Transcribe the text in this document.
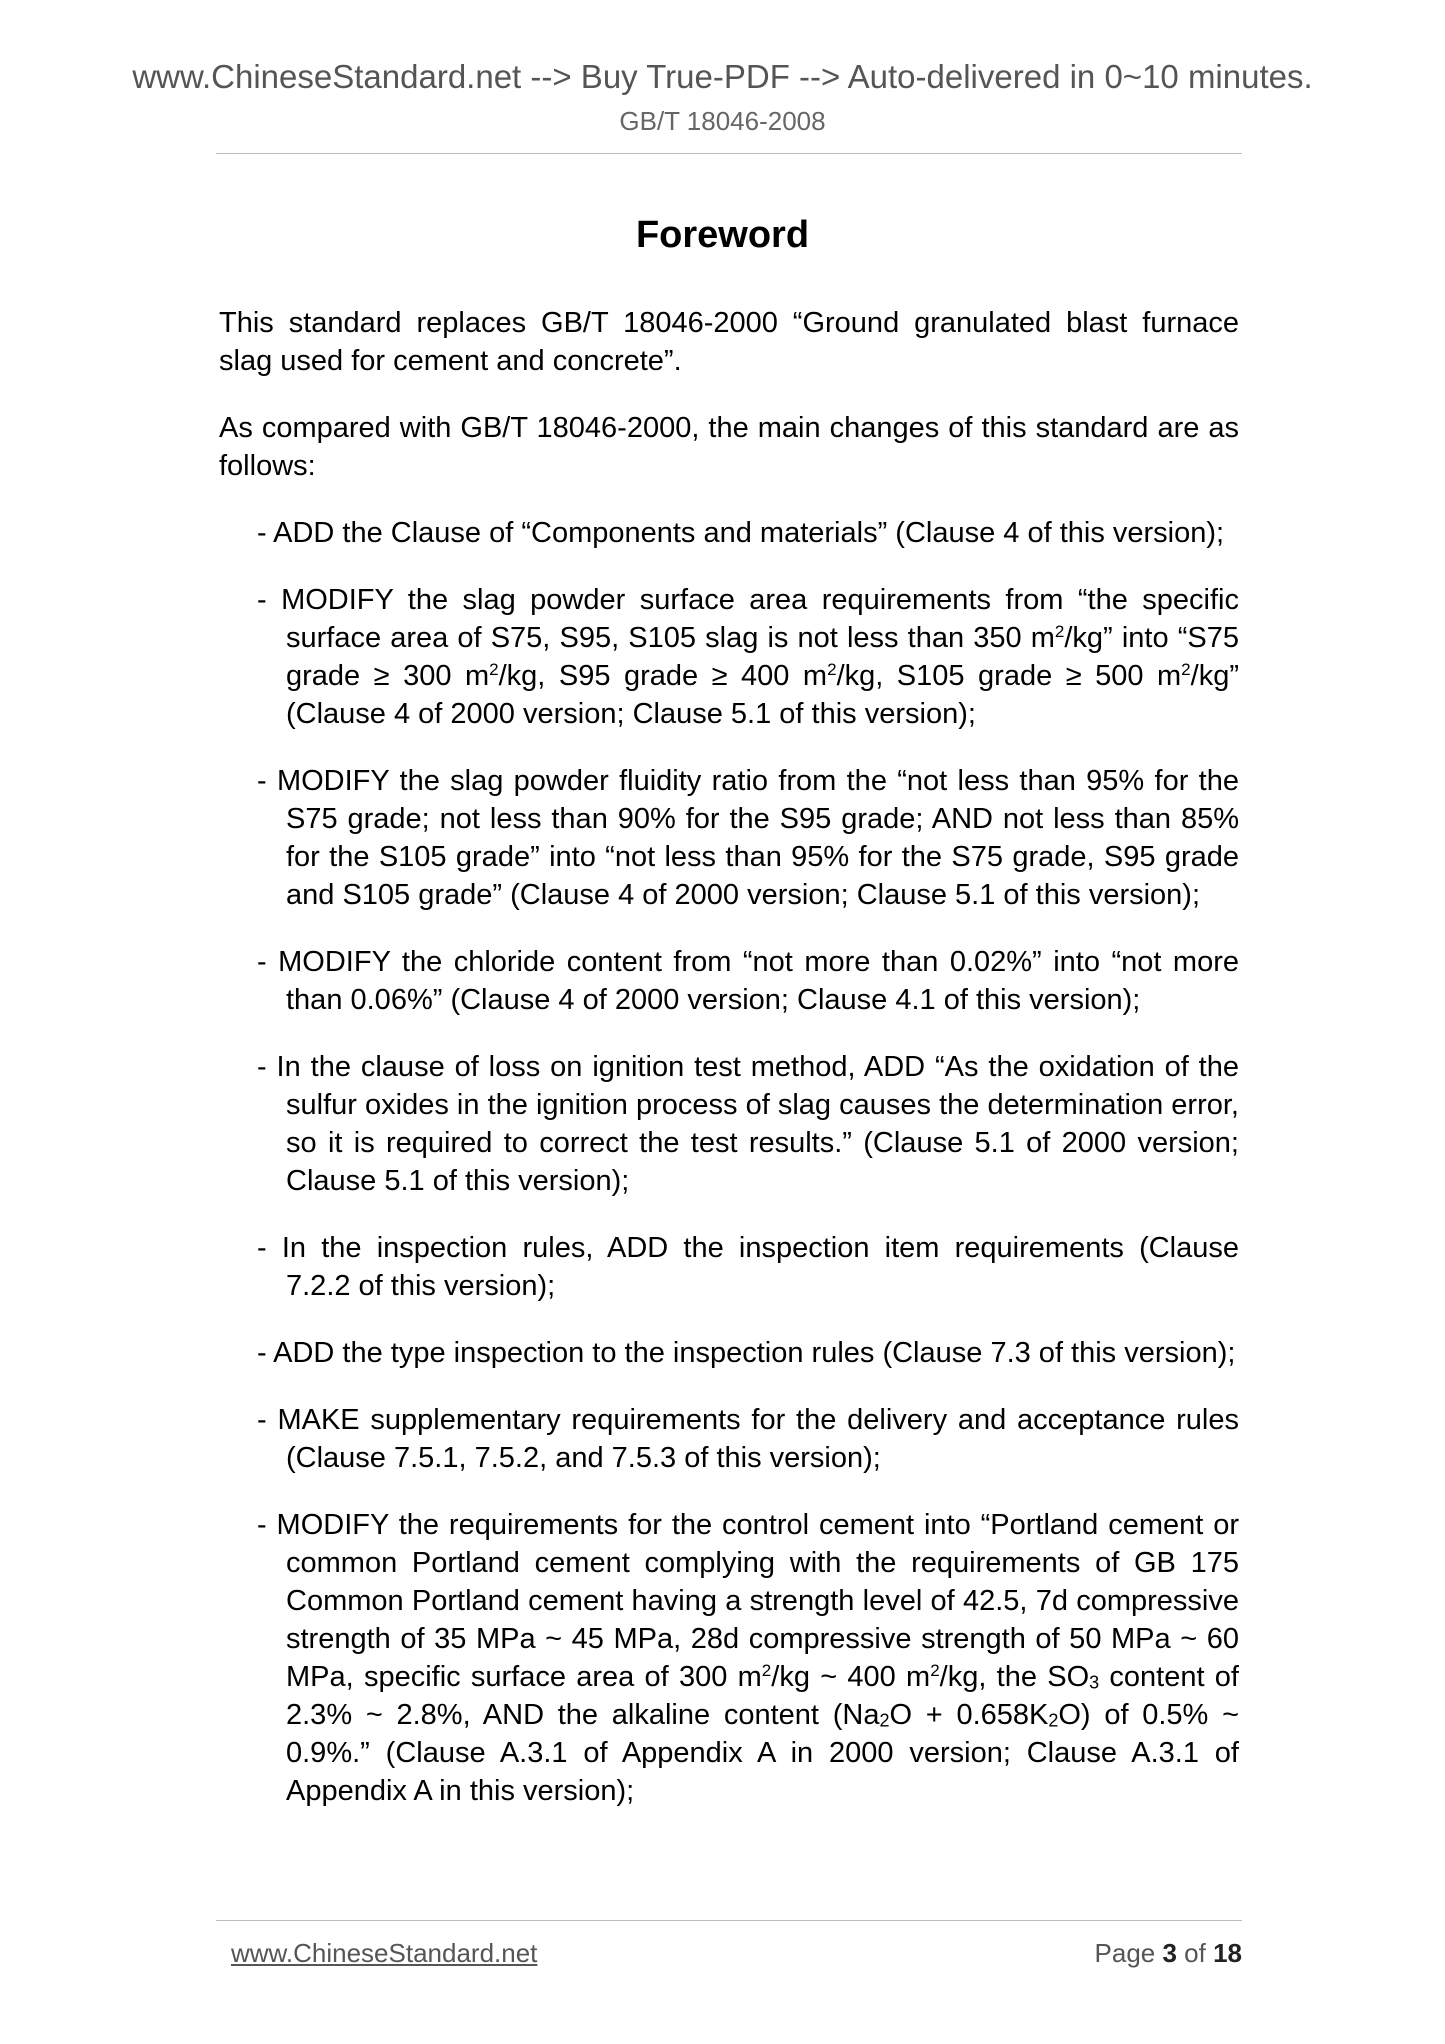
www.ChineseStandard.net --> Buy True-PDF --> Auto-delivered in 0~10 minutes.
GB/T 18046-2008
Foreword

This standard replaces GB/T 18046-2000 “Ground granulated blast furnace slag used for cement and concrete”.

As compared with GB/T 18046-2000, the main changes of this standard are as follows:

- ADD the Clause of “Components and materials” (Clause 4 of this version);

- MODIFY the slag powder surface area requirements from “the specific surface area of S75, S95, S105 slag is not less than 350 $m^2/kg$” into “S75 grade ≥ 300 $m^2/kg$, S95 grade ≥ 400 $m^2/kg$, S105 grade ≥ 500 $m^2/kg$” (Clause 4 of 2000 version; Clause 5.1 of this version);

- MODIFY the slag powder fluidity ratio from the “not less than 95% for the S75 grade; not less than 90% for the S95 grade; AND not less than 85% for the S105 grade” into “not less than 95% for the S75 grade, S95 grade and S105 grade” (Clause 4 of 2000 version; Clause 5.1 of this version);

- MODIFY the chloride content from “not more than 0.02%” into “not more than 0.06%” (Clause 4 of 2000 version; Clause 4.1 of this version);

- In the clause of loss on ignition test method, ADD “As the oxidation of the sulfur oxides in the ignition process of slag causes the determination error, so it is required to correct the test results.” (Clause 5.1 of 2000 version; Clause 5.1 of this version);

- In the inspection rules, ADD the inspection item requirements (Clause 7.2.2 of this version);

- ADD the type inspection to the inspection rules (Clause 7.3 of this version);

- MAKE supplementary requirements for the delivery and acceptance rules (Clause 7.5.1, 7.5.2, and 7.5.3 of this version);

- MODIFY the requirements for the control cement into “Portland cement or common Portland cement complying with the requirements of GB 175 Common Portland cement having a strength level of 42.5, 7d compressive strength of 35 MPa ~ 45 MPa, 28d compressive strength of 50 MPa ~ 60 MPa, specific surface area of 300 $m^2/kg$ ~ 400 $m^2/kg$, the $SO_3$ content of 2.3% ~ 2.8%, AND the alkaline content $(Na_2O + 0.658K_2O)$ of 0.5% ~ 0.9%.” (Clause A.3.1 of Appendix A in 2000 version; Clause A.3.1 of Appendix A in this version);

www.ChineseStandard.net	Page 3 of 18
